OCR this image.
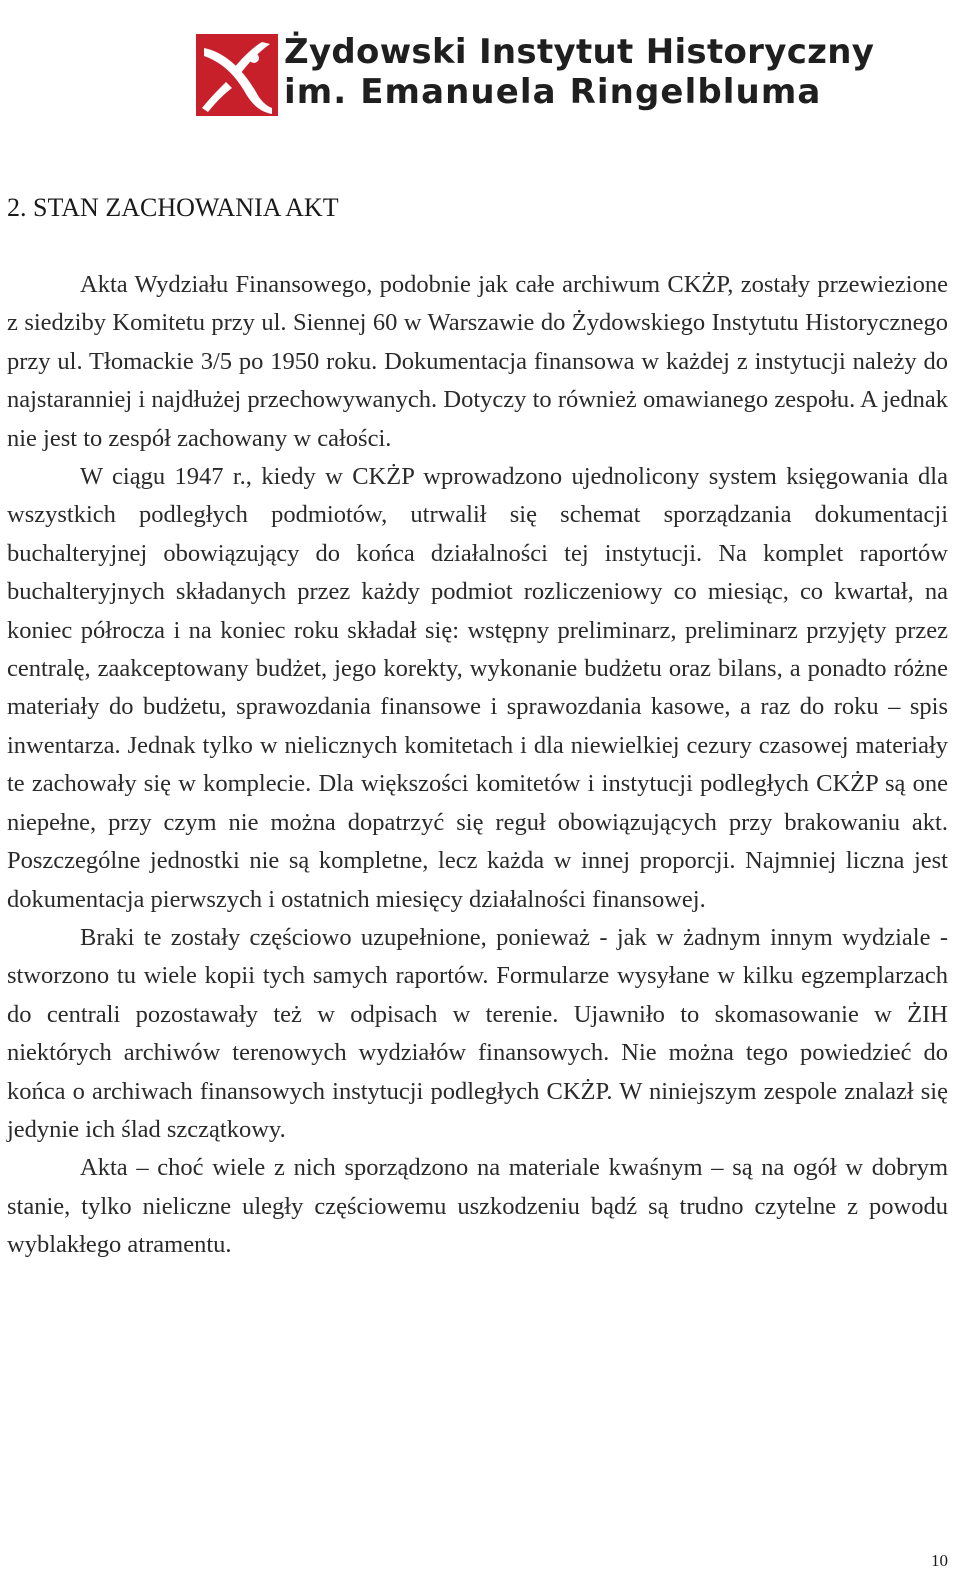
Żydowski Instytut Historyczny
im. Emanuela Ringelbluma
2. STAN ZACHOWANIA AKT

Akta Wydziału Finansowego, podobnie jak całe archiwum CKŻP, zostały przewiezione z siedziby Komitetu przy ul. Siennej 60 w Warszawie do Żydowskiego Instytutu Historycznego przy ul. Tłomackie 3/5 po 1950 roku. Dokumentacja finansowa w każdej z instytucji należy do najstaranniej i najdłużej przechowywanych. Dotyczy to również omawianego zespołu. A jednak nie jest to zespół zachowany w całości.

W ciągu 1947 r., kiedy w CKŻP wprowadzono ujednolicony system księgowania dla wszystkich podległych podmiotów, utrwalił się schemat sporządzania dokumentacji buchalteryjnej obowiązujący do końca działalności tej instytucji. Na komplet raportów buchalteryjnych składanych przez każdy podmiot rozliczeniowy co miesiąc, co kwartał, na koniec półrocza i na koniec roku składał się: wstępny preliminarz, preliminarz przyjęty przez centralę, zaakceptowany budżet, jego korekty, wykonanie budżetu oraz bilans, a ponadto różne materiały do budżetu, sprawozdania finansowe i sprawozdania kasowe, a raz do roku – spis inwentarza. Jednak tylko w nielicznych komitetach i dla niewielkiej cezury czasowej materiały te zachowały się w komplecie. Dla większości komitetów i instytucji podległych CKŻP są one niepełne, przy czym nie można dopatrzyć się reguł obowiązujących przy brakowaniu akt. Poszczególne jednostki nie są kompletne, lecz każda w innej proporcji. Najmniej liczna jest dokumentacja pierwszych i ostatnich miesięcy działalności finansowej.

Braki te zostały częściowo uzupełnione, ponieważ - jak w żadnym innym wydziale - stworzono tu wiele kopii tych samych raportów. Formularze wysyłane w kilku egzemplarzach do centrali pozostawały też w odpisach w terenie. Ujawniło to skomasowanie w ŻIH niektórych archiwów terenowych wydziałów finansowych. Nie można tego powiedzieć do końca o archiwach finansowych instytucji podległych CKŻP. W niniejszym zespole znalazł się jedynie ich ślad szczątkowy.

Akta – choć wiele z nich sporządzono na materiale kwaśnym – są na ogół w dobrym stanie, tylko nieliczne uległy częściowemu uszkodzeniu bądź są trudno czytelne z powodu wyblakłego atramentu.

10
